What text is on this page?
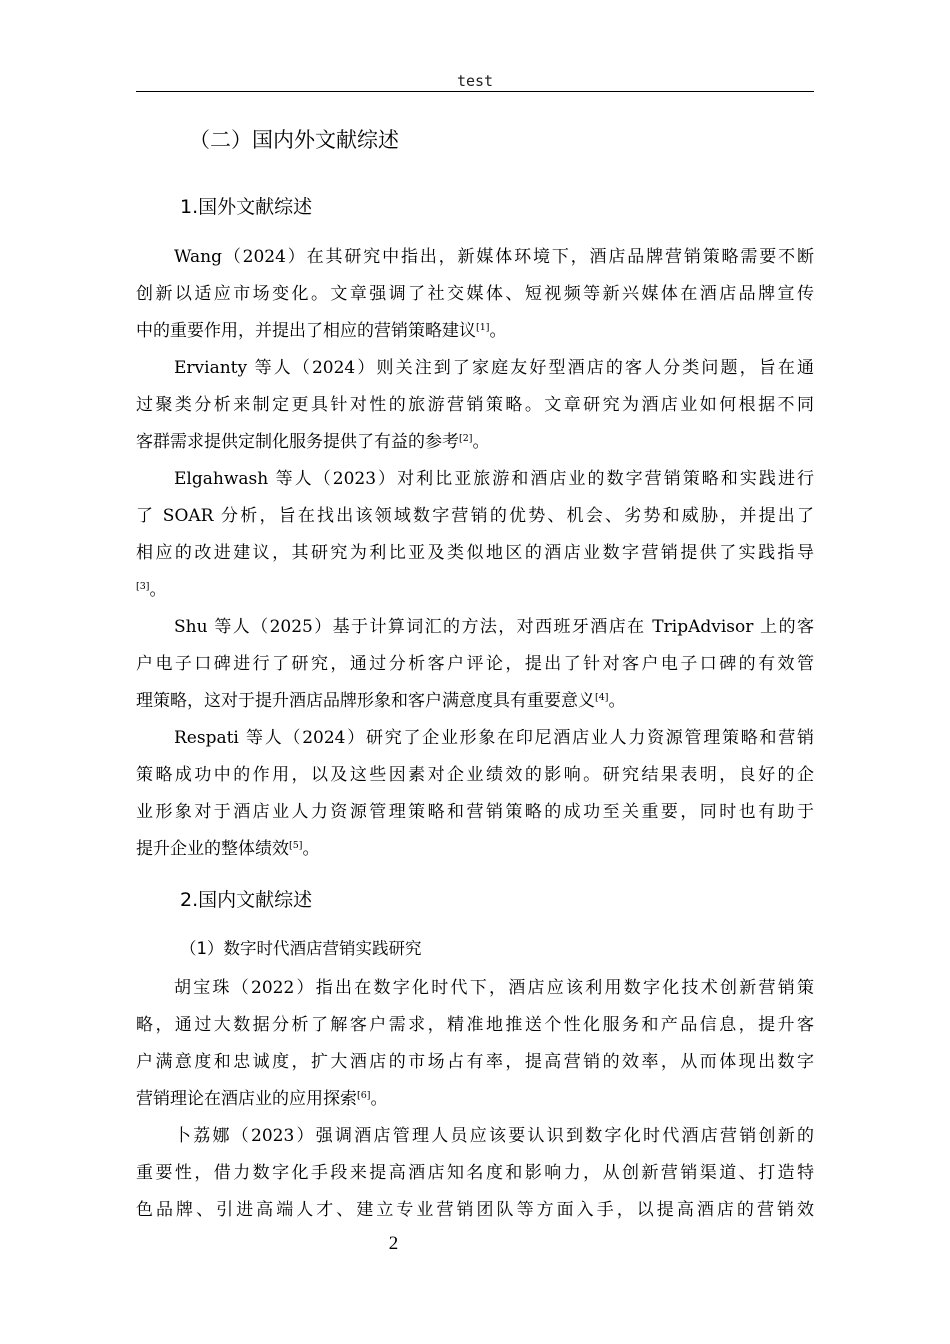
test
（二）国内外文献综述
1.国外文献综述
Wang（2024）在其研究中指出，新媒体环境下，酒店品牌营销策略需要不断
创新以适应市场变化。文章强调了社交媒体、短视频等新兴媒体在酒店品牌宣传
中的重要作用，并提出了相应的营销策略建议[1]。
Ervianty 等人（2024）则关注到了家庭友好型酒店的客人分类问题，旨在通
过聚类分析来制定更具针对性的旅游营销策略。文章研究为酒店业如何根据不同
客群需求提供定制化服务提供了有益的参考[2]。
Elgahwash 等人（2023）对利比亚旅游和酒店业的数字营销策略和实践进行
了 SOAR 分析，旨在找出该领域数字营销的优势、机会、劣势和威胁，并提出了
相应的改进建议，其研究为利比亚及类似地区的酒店业数字营销提供了实践指导
[3]。
Shu 等人（2025）基于计算词汇的方法，对西班牙酒店在 TripAdvisor 上的客
户电子口碑进行了研究，通过分析客户评论，提出了针对客户电子口碑的有效管
理策略，这对于提升酒店品牌形象和客户满意度具有重要意义[4]。
Respati 等人（2024）研究了企业形象在印尼酒店业人力资源管理策略和营销
策略成功中的作用，以及这些因素对企业绩效的影响。研究结果表明，良好的企
业形象对于酒店业人力资源管理策略和营销策略的成功至关重要，同时也有助于
提升企业的整体绩效[5]。
2.国内文献综述
（1）数字时代酒店营销实践研究
胡宝珠（2022）指出在数字化时代下，酒店应该利用数字化技术创新营销策
略，通过大数据分析了解客户需求，精准地推送个性化服务和产品信息，提升客
户满意度和忠诚度，扩大酒店的市场占有率，提高营销的效率，从而体现出数字
营销理论在酒店业的应用探索[6]。
卜荔娜（2023）强调酒店管理人员应该要认识到数字化时代酒店营销创新的
重要性，借力数字化手段来提高酒店知名度和影响力，从创新营销渠道、打造特
色品牌、引进高端人才、建立专业营销团队等方面入手，以提高酒店的营销效
2
